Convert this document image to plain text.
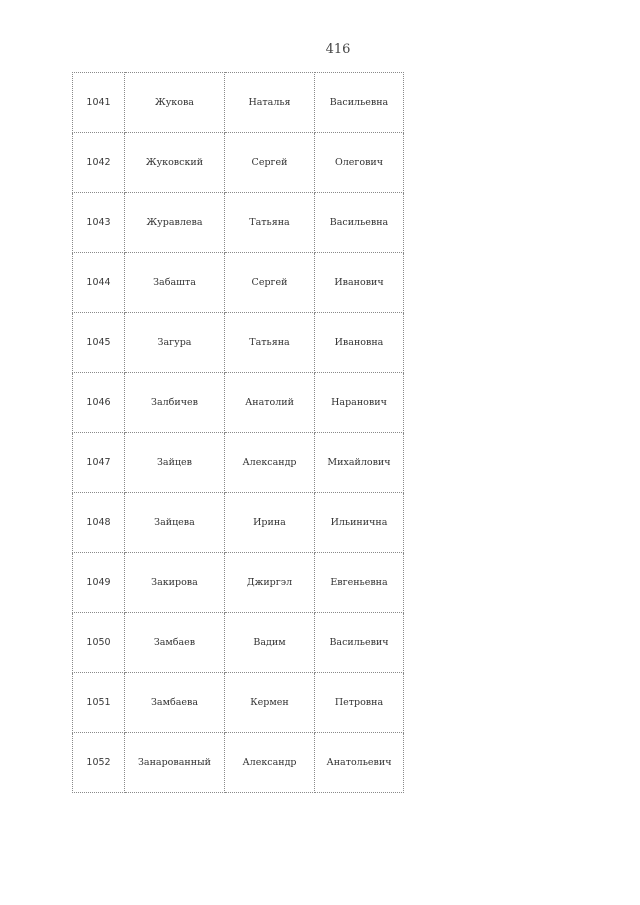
416
1041	Жукова	Наталья	Васильевна
1042	Жуковский	Сергей	Олегович
1043	Журавлева	Татьяна	Васильевна
1044	Забашта	Сергей	Иванович
1045	Загура	Татьяна	Ивановна
1046	Залбичев	Анатолий	Наранович
1047	Зайцев	Александр	Михайлович
1048	Зайцева	Ирина	Ильинична
1049	Закирова	Джиргэл	Евгеньевна
1050	Замбаев	Вадим	Васильевич
1051	Замбаева	Кермен	Петровна
1052	Занарованный	Александр	Анатольевич
